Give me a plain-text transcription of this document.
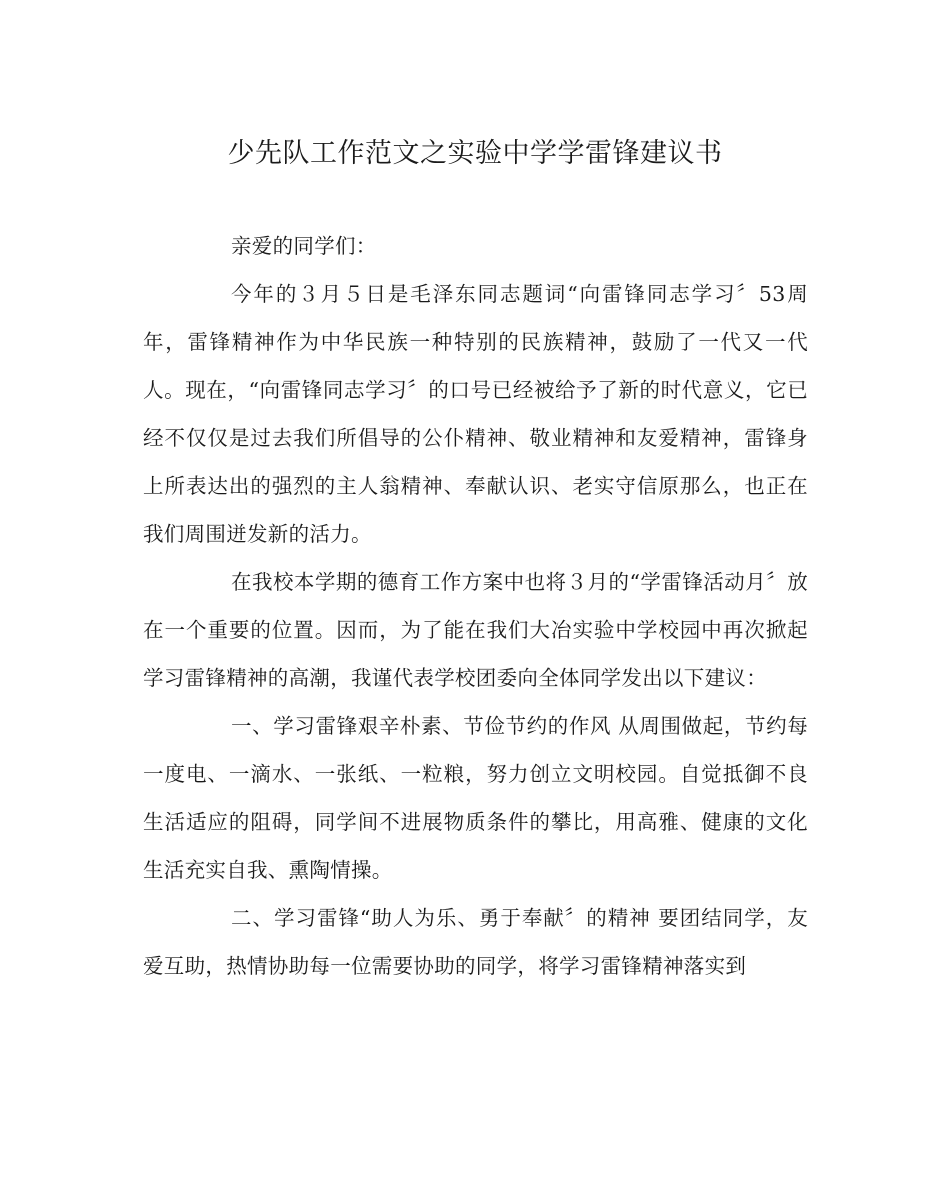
少先队工作范文之实验中学学雷锋建议书

亲爱的同学们：

今年的３月５日是毛泽东同志题词“向雷锋同志学习〞53周年，雷锋精神作为中华民族一种特别的民族精神，鼓励了一代又一代人。现在，“向雷锋同志学习〞的口号已经被给予了新的时代意义，它已经不仅仅是过去我们所倡导的公仆精神、敬业精神和友爱精神，雷锋身上所表达出的强烈的主人翁精神、奉献认识、老实守信原那么，也正在我们周围迸发新的活力。

在我校本学期的德育工作方案中也将３月的“学雷锋活动月〞放在一个重要的位置。因而，为了能在我们大冶实验中学校园中再次掀起学习雷锋精神的高潮，我谨代表学校团委向全体同学发出以下建议：

一、学习雷锋艰辛朴素、节俭节约的作风 从周围做起，节约每一度电、一滴水、一张纸、一粒粮，努力创立文明校园。自觉抵御不良生活适应的阻碍，同学间不进展物质条件的攀比，用高雅、健康的文化生活充实自我、熏陶情操。

二、学习雷锋“助人为乐、勇于奉献〞的精神 要团结同学，友爱互助，热情协助每一位需要协助的同学，将学习雷锋精神落实到
